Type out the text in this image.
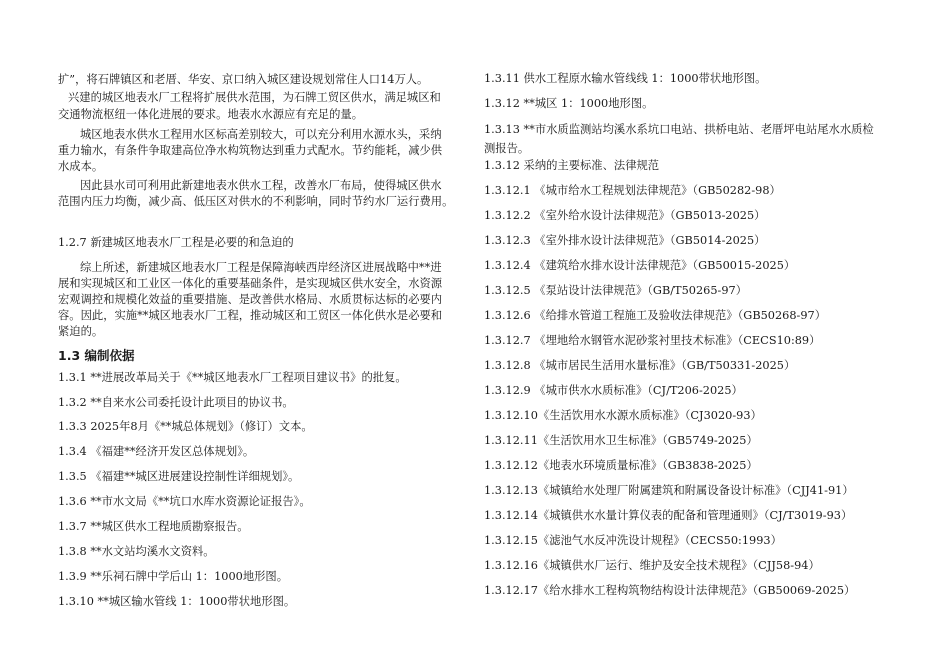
扩”，将石牌镇区和老厝、华安、京口纳入城区建设规划常住人口14万人。
兴建的城区地表水厂工程将扩展供水范围，为石牌工贸区供水，满足城区和
交通物流枢纽一体化进展的要求。地表水水源应有充足的量。
城区地表水供水工程用水区标高差别较大，可以充分利用水源水头，采纳
重力输水，有条件争取建高位净水构筑物达到重力式配水。节约能耗，减少供
水成本。
因此县水司可利用此新建地表水供水工程，改善水厂布局，使得城区供水
范围内压力均衡，减少高、低压区对供水的不利影响，同时节约水厂运行费用。
1.2.7 新建城区地表水厂工程是必要的和急迫的
综上所述，新建城区地表水厂工程是保障海峡西岸经济区进展战略中**进
展和实现城区和工业区一体化的重要基础条件，是实现城区供水安全，水资源
宏观调控和规模化效益的重要措施、是改善供水格局、水质贯标达标的必要内
容。因此，实施**城区地表水厂工程，推动城区和工贸区一体化供水是必要和
紧迫的。
1.3 编制依据
1.3.1 **进展改革局关于《**城区地表水厂工程项目建议书》的批复。
1.3.2 **自来水公司委托设计此项目的协议书。
1.3.3 2025年8月《**城总体规划》（修订）文本。
1.3.4 《福建**经济开发区总体规划》。
1.3.5 《福建**城区进展建设控制性详细规划》。
1.3.6 **市水文局《**坑口水库水资源论证报告》。
1.3.7 **城区供水工程地质勘察报告。
1.3.8 **水文站均溪水文资料。
1.3.9 **乐祠石牌中学后山 1：1000地形图。
1.3.10 **城区输水管线 1：1000带状地形图。
1.3.11 供水工程原水输水管线线 1：1000带状地形图。
1.3.12 **城区 1：1000地形图。
1.3.13 **市水质监测站均溪水系坑口电站、拱桥电站、老厝坪电站尾水水质检
测报告。
1.3.12 采纳的主要标准、法律规范
1.3.12.1 《城市给水工程规划法律规范》（GB50282-98）
1.3.12.2 《室外给水设计法律规范》（GB5013-2025）
1.3.12.3 《室外排水设计法律规范》（GB5014-2025）
1.3.12.4 《建筑给水排水设计法律规范》（GB50015-2025）
1.3.12.5 《泵站设计法律规范》（GB/T50265-97）
1.3.12.6 《给排水管道工程施工及验收法律规范》（GB50268-97）
1.3.12.7 《埋地给水钢管水泥砂浆衬里技术标准》（CECS10:89）
1.3.12.8 《城市居民生活用水量标准》（GB/T50331-2025）
1.3.12.9 《城市供水水质标准》（CJ/T206-2025）
1.3.12.10《生活饮用水水源水质标准》（CJ3020-93）
1.3.12.11《生活饮用水卫生标准》（GB5749-2025）
1.3.12.12《地表水环境质量标准》（GB3838-2025）
1.3.12.13《城镇给水处理厂附属建筑和附属设备设计标准》（CJJ41-91）
1.3.12.14《城镇供水水量计算仪表的配备和管理通则》（CJ/T3019-93）
1.3.12.15《滤池气水反冲洗设计规程》（CECS50:1993）
1.3.12.16《城镇供水厂运行、维护及安全技术规程》（CJJ58-94）
1.3.12.17《给水排水工程构筑物结构设计法律规范》（GB50069-2025）
